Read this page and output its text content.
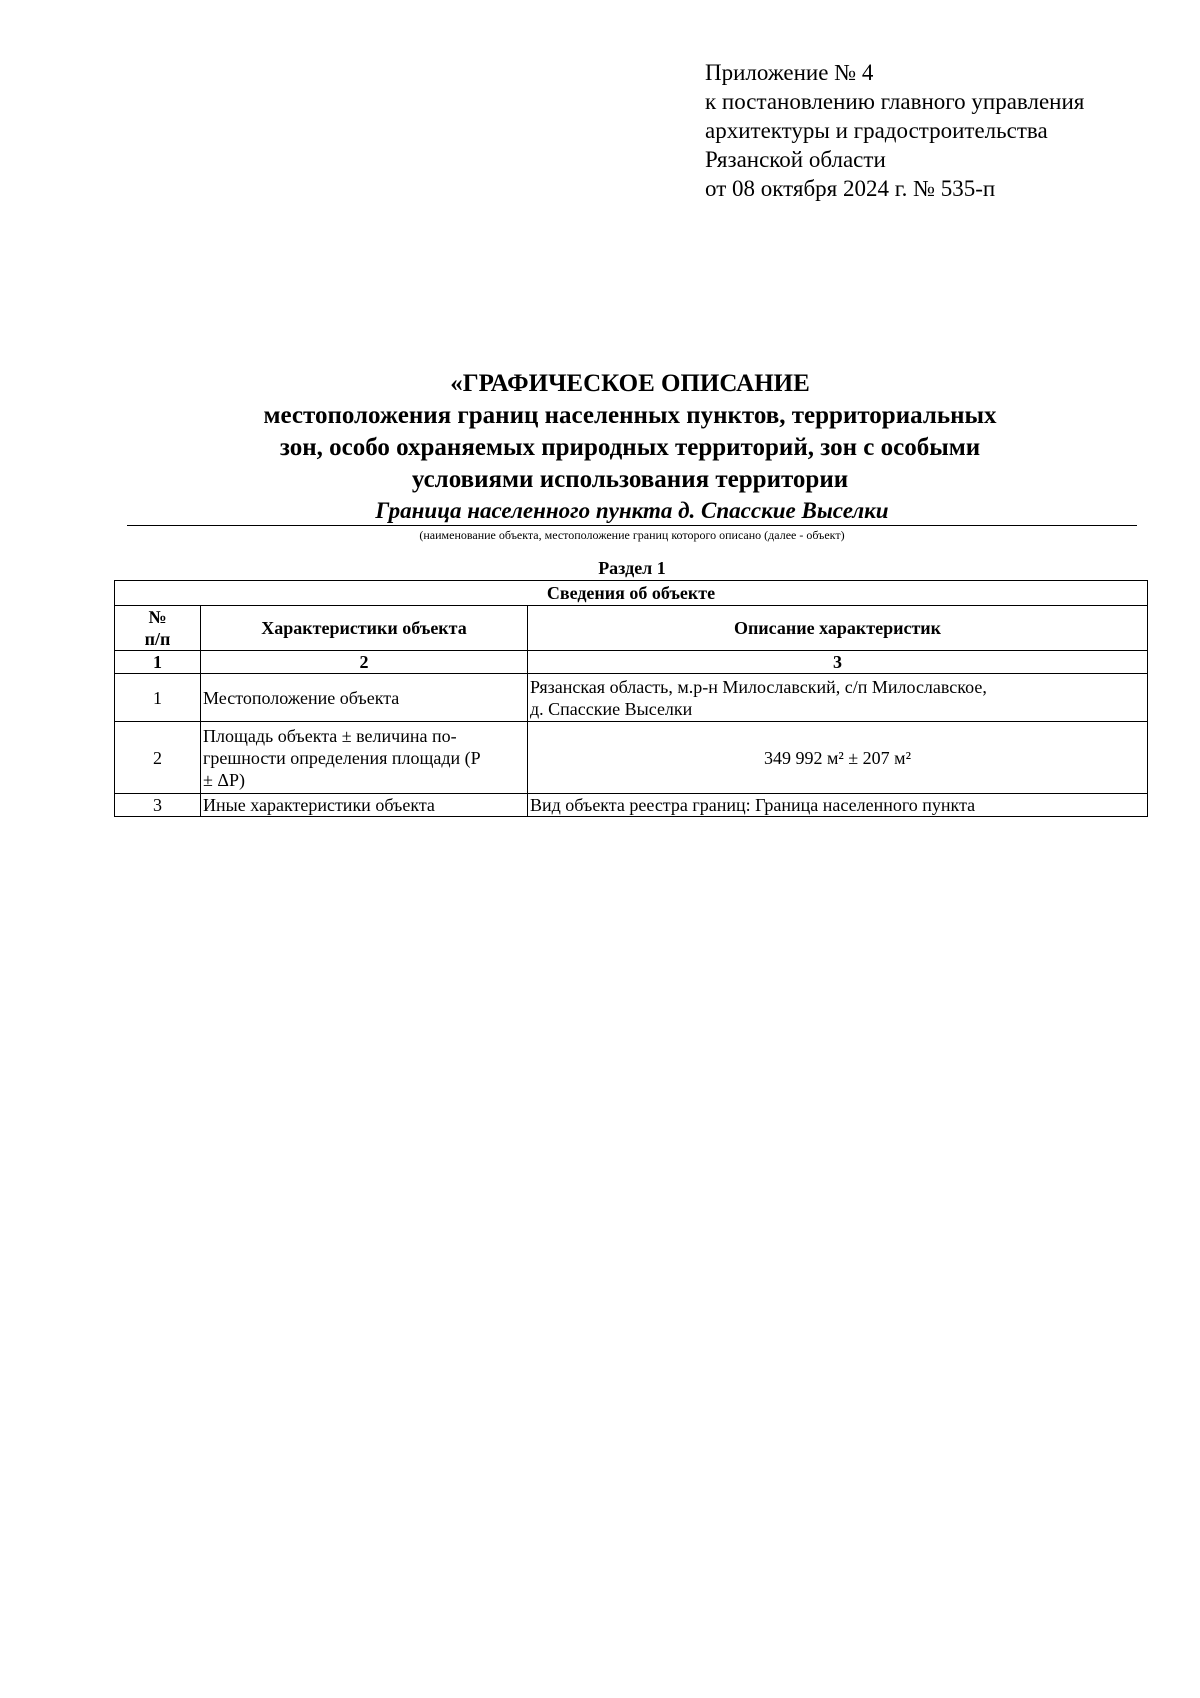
Приложение № 4
к постановлению главного управления
архитектуры и градостроительства
Рязанской области
от 08 октября 2024 г. № 535-п
«ГРАФИЧЕСКОЕ ОПИСАНИЕ
местоположения границ населенных пунктов, территориальных
зон, особо охраняемых природных территорий, зон с особыми
условиями использования территории
Граница населенного пункта д. Спасские Выселки
(наименование объекта, местоположение границ которого описано (далее - объект)
Раздел 1
Сведения об объекте		
№
п/п	Характеристики объекта	Описание характеристик
1	2	3
1	Местоположение объекта	Рязанская область, м.р-н Милославский, с/п Милославское,
д. Спасские Выселки
2	Площадь объекта ± величина по-
грешности определения площади (Р
± ΔР)	349 992 м² ± 207 м²
3	Иные характеристики объекта	Вид объекта реестра границ: Граница населенного пункта
